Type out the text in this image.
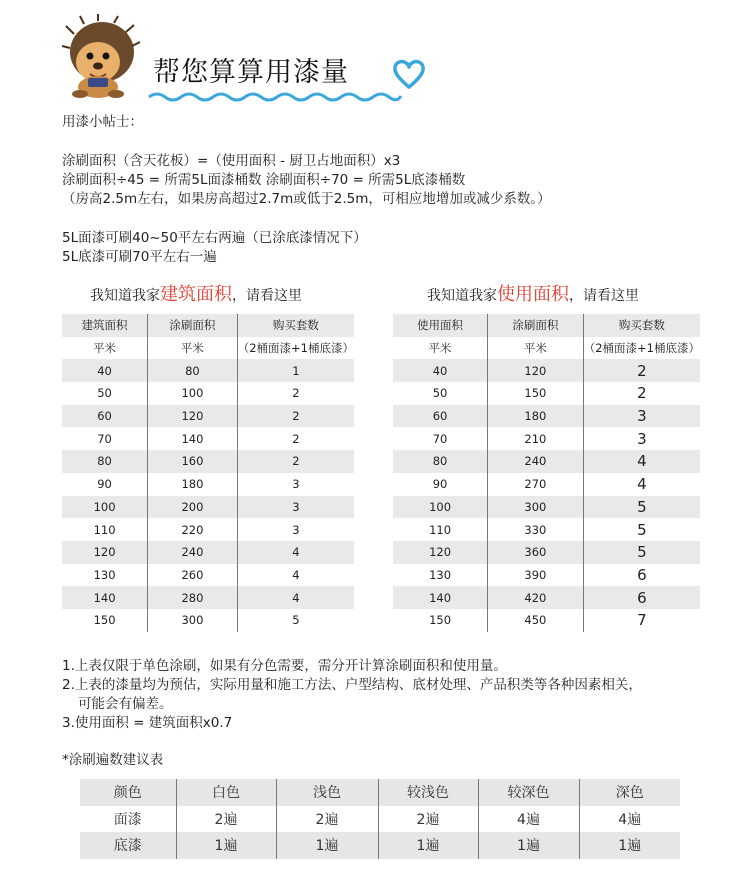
帮您算算用漆量
用漆小帖士：
涂刷面积（含天花板）=（使用面积 - 厨卫占地面积）x3
涂刷面积÷45 = 所需5L面漆桶数 涂刷面积÷70 = 所需5L底漆桶数
（房高2.5m左右，如果房高超过2.7m或低于2.5m，可相应地增加或减少系数。）
5L面漆可刷40~50平左右两遍（已涂底漆情况下）
5L底漆可刷70平左右一遍
我知道我家建筑面积，请看这里	我知道我家使用面积，请看这里
建筑面积	涂刷面积	购买套数
平米	平米	（2桶面漆+1桶底漆）
40	80	1
50	100	2
60	120	2
70	140	2
80	160	2
90	180	3
100	200	3
110	220	3
120	240	4
130	260	4
140	280	4
150	300	5
使用面积	涂刷面积	购买套数
平米	平米	（2桶面漆+1桶底漆）
40	120	2
50	150	2
60	180	3
70	210	3
80	240	4
90	270	4
100	300	5
110	330	5
120	360	5
130	390	6
140	420	6
150	450	7
1.上表仅限于单色涂刷，如果有分色需要，需分开计算涂刷面积和使用量。
2.上表的漆量均为预估，实际用量和施工方法、户型结构、底材处理、产品积类等各种因素相关，
可能会有偏差。
3.使用面积 = 建筑面积x0.7
*涂刷遍数建议表
颜色	白色	浅色	较浅色	较深色	深色
面漆	2遍	2遍	2遍	4遍	4遍
底漆	1遍	1遍	1遍	1遍	1遍
